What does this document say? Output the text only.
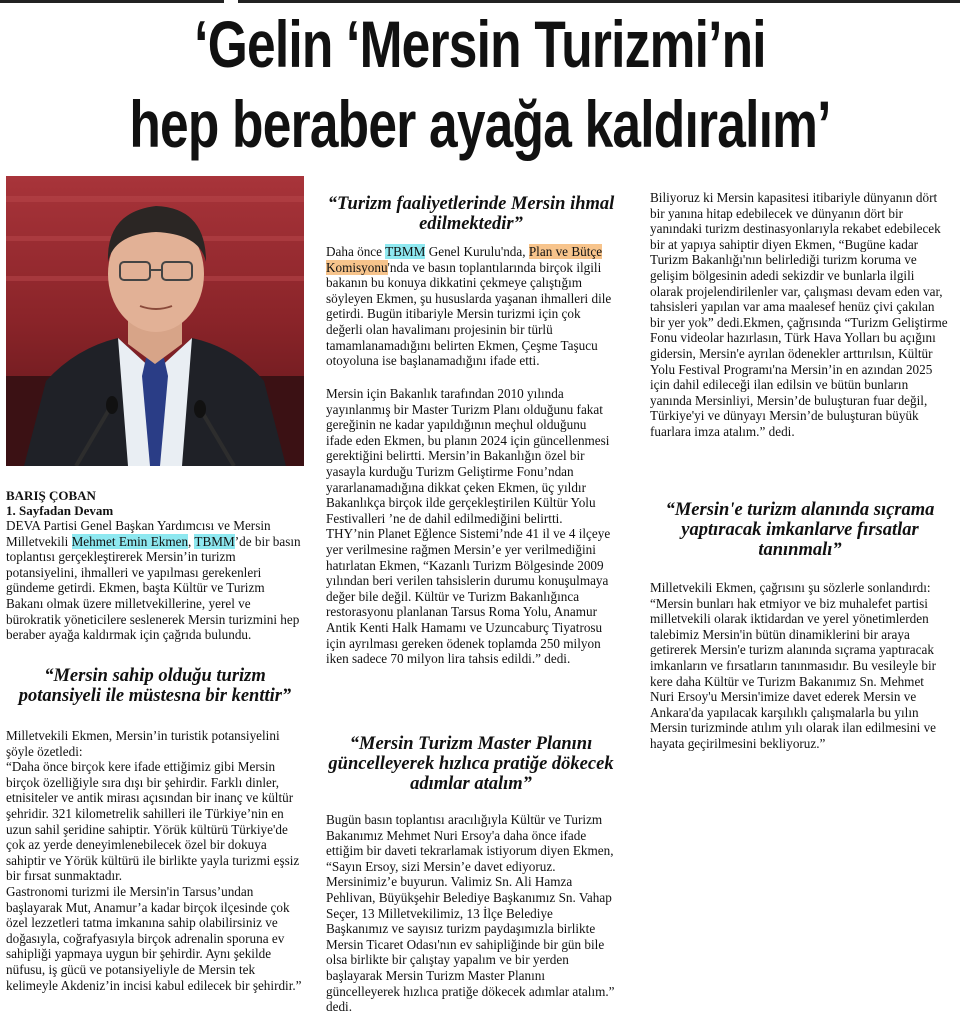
‘Gelin ‘Mersin Turizmi’ni
hep beraber ayağa kaldıralım’
BARIŞ ÇOBAN
1. Sayfadan Devam

DEVA Partisi Genel Başkan Yardımcısı ve Mersin Milletvekili Mehmet Emin Ekmen, TBMM’de bir basın toplantısı gerçekleştirerek Mersin’in turizm potansiyelini, ihmalleri ve yapılması gerekenleri gündeme getirdi. Ekmen, başta Kültür ve Turizm Bakanı olmak üzere milletvekillerine, yerel ve bürokratik yöneticilere seslenerek Mersin turizmini hep beraber ayağa kaldırmak için çağrıda bulundu.

“Mersin sahip olduğu turizm potansiyeli ile müstesna bir kenttir”
Milletvekili Ekmen, Mersin’in turistik potansiyelini şöyle özetledi:
“Daha önce birçok kere ifade ettiğimiz gibi Mersin birçok özelliğiyle sıra dışı bir şehirdir. Farklı dinler, etnisiteler ve antik mirası açısından bir inanç ve kültür şehridir. 321 kilometrelik sahilleri ile Türkiye’nin en uzun sahil şeridine sahiptir. Yörük kültürü Türkiye'de çok az yerde deneyimlenebilecek özel bir dokuya sahiptir ve Yörük kültürü ile birlikte yayla turizmi eşsiz bir fırsat sunmaktadır.
Gastronomi turizmi ile Mersin'in Tarsus’undan başlayarak Mut, Anamur’a kadar birçok ilçesinde çok özel lezzetleri tatma imkanına sahip olabilirsiniz ve doğasıyla, coğrafyasıyla birçok adrenalin sporuna ev sahipliği yapmaya uygun bir şehirdir. Aynı şekilde nüfusu, iş gücü ve potansiyeliyle de Mersin tek kelimeyle Akdeniz’in incisi kabul edilecek bir şehirdir.”
“Turizm faaliyetlerinde Mersin ihmal edilmektedir”

Daha önce TBMM Genel Kurulu'nda, Plan ve Bütçe Komisyonu'nda ve basın toplantılarında birçok ilgili bakanın bu konuya dikkatini çekmeye çalıştığım söyleyen Ekmen, şu hususlarda yaşanan ihmalleri dile getirdi. Bugün itibariyle Mersin turizmi için çok değerli olan havalimanı projesinin bir türlü tamamlanamadığını belirten Ekmen, Çeşme Taşucu otoyoluna ise başlanamadığını ifade etti.

Mersin için Bakanlık tarafından 2010 yılında yayınlanmış bir Master Turizm Planı olduğunu fakat gereğinin ne kadar yapıldığının meçhul olduğunu ifade eden Ekmen, bu planın 2024 için güncellenmesi gerektiğini belirtti. Mersin’in Bakanlığın özel bir yasayla kurduğu Turizm Geliştirme Fonu’ndan yararlanamadığına dikkat çeken Ekmen, üç yıldır Bakanlıkça birçok ilde gerçekleştirilen Kültür Yolu Festivalleri ’ne de dahil edilmediğini belirtti.
THY’nin Planet Eğlence Sistemi’nde 41 il ve 4 ilçeye yer verilmesine rağmen Mersin’e yer verilmediğini hatırlatan Ekmen, “Kazanlı Turizm Bölgesinde 2009 yılından beri verilen tahsislerin durumu konuşulmaya değer bile değil. Kültür ve Turizm Bakanlığınca restorasyonu planlanan Tarsus Roma Yolu, Anamur Antik Kenti Halk Hamamı ve Uzuncaburç Tiyatrosu için ayrılması gereken ödenek toplamda 250 milyon iken sadece 70 milyon lira tahsis edildi.” dedi.
“Mersin Turizm Master Planını güncelleyerek hızlıca pratiğe dökecek adımlar atalım”
Bugün basın toplantısı aracılığıyla Kültür ve Turizm Bakanımız Mehmet Nuri Ersoy'a daha önce ifade ettiğim bir daveti tekrarlamak istiyorum diyen Ekmen, “Sayın Ersoy, sizi Mersin’e davet ediyoruz. Mersinimiz’e buyurun. Valimiz Sn. Ali Hamza Pehlivan, Büyükşehir Belediye Başkanımız Sn. Vahap Seçer, 13 Milletvekilimiz, 13 İlçe Belediye Başkanımız ve sayısız turizm paydaşımızla birlikte Mersin Ticaret Odası'nın ev sahipliğinde bir gün bile olsa birlikte bir çalıştay yapalım ve bir yerden başlayarak Mersin Turizm Master Planını güncelleyerek hızlıca pratiğe dökecek adımlar atalım.” dedi.
Biliyoruz ki Mersin kapasitesi itibariyle dünyanın dört bir yanına hitap edebilecek ve dünyanın dört bir yanındaki turizm destinasyonlarıyla rekabet edebilecek bir at yapıya sahiptir diyen Ekmen, “Bugüne kadar Turizm Bakanlığı'nın belirlediği turizm koruma ve gelişim bölgesinin adedi sekizdir ve bunlarla ilgili olarak projelendirilenler var, çalışması devam eden var, tahsisleri yapılan var ama maalesef henüz çivi çakılan bir yer yok” dedi.Ekmen, çağrısında “Turizm Geliştirme Fonu videolar hazırlasın, Türk Hava Yolları bu açığını gidersin, Mersin'e ayrılan ödenekler arttırılsın, Kültür Yolu Festival Programı'na Mersin’in en azından 2025 için dahil edileceği ilan edilsin ve bütün bunların yanında Mersinliyi, Mersin’de buluşturan fuar değil, Türkiye'yi ve dünyayı Mersin’de buluşturan büyük fuarlara imza atalım.” dedi.
“Mersin'e turizm alanında sıçrama yaptıracak imkanlarve fırsatlar tanınmalı”
Milletvekili Ekmen, çağrısını şu sözlerle sonlandırdı:
“Mersin bunları hak etmiyor ve biz muhalefet partisi milletvekili olarak iktidardan ve yerel yönetimlerden talebimiz Mersin'in bütün dinamiklerini bir araya getirerek Mersin'e turizm alanında sıçrama yaptıracak imkanların ve fırsatların tanınmasıdır. Bu vesileyle bir kere daha Kültür ve Turizm Bakanımız Sn. Mehmet Nuri Ersoy'u Mersin'imize davet ederek Mersin ve Ankara'da yapılacak karşılıklı çalışmalarla bu yılın Mersin turizminde atılım yılı olarak ilan edilmesini ve hayata geçirilmesini bekliyoruz.”
